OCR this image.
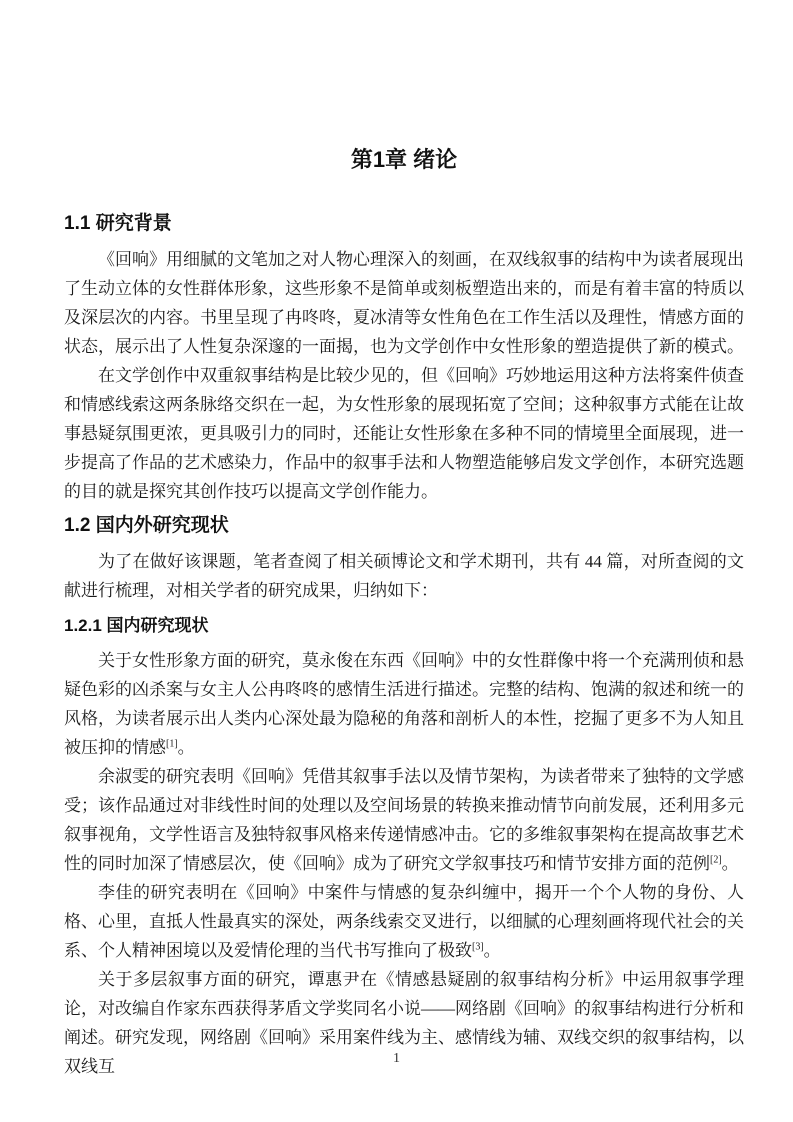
第1章 绪论
1.1 研究背景

《回响》用细腻的文笔加之对人物心理深入的刻画，在双线叙事的结构中为读者展现出了生动立体的女性群体形象，这些形象不是简单或刻板塑造出来的，而是有着丰富的特质以及深层次的内容。书里呈现了冉咚咚，夏冰清等女性角色在工作生活以及理性，情感方面的状态，展示出了人性复杂深邃的一面揭，也为文学创作中女性形象的塑造提供了新的模式。

在文学创作中双重叙事结构是比较少见的，但《回响》巧妙地运用这种方法将案件侦查和情感线索这两条脉络交织在一起，为女性形象的展现拓宽了空间；这种叙事方式能在让故事悬疑氛围更浓，更具吸引力的同时，还能让女性形象在多种不同的情境里全面展现，进一步提高了作品的艺术感染力，作品中的叙事手法和人物塑造能够启发文学创作，本研究选题的目的就是探究其创作技巧以提高文学创作能力。

1.2 国内外研究现状

为了在做好该课题，笔者查阅了相关硕博论文和学术期刊，共有 44 篇，对所查阅的文献进行梳理，对相关学者的研究成果，归纳如下：

1.2.1 国内研究现状

关于女性形象方面的研究，莫永俊在东西《回响》中的女性群像中将一个充满刑侦和悬疑色彩的凶杀案与女主人公冉咚咚的感情生活进行描述。完整的结构、饱满的叙述和统一的风格，为读者展示出人类内心深处最为隐秘的角落和剖析人的本性，挖掘了更多不为人知且被压抑的情感[1]。

余淑雯的研究表明《回响》凭借其叙事手法以及情节架构，为读者带来了独特的文学感受；该作品通过对非线性时间的处理以及空间场景的转换来推动情节向前发展，还利用多元叙事视角，文学性语言及独特叙事风格来传递情感冲击。它的多维叙事架构在提高故事艺术性的同时加深了情感层次，使《回响》成为了研究文学叙事技巧和情节安排方面的范例[2]。

李佳的研究表明在《回响》中案件与情感的复杂纠缠中，揭开一个个人物的身份、人格、心里，直抵人性最真实的深处，两条线索交叉进行，以细腻的心理刻画将现代社会的关系、个人精神困境以及爱情伦理的当代书写推向了极致[3]。

关于多层叙事方面的研究，谭惠尹在《情感悬疑剧的叙事结构分析》中运用叙事学理论，对改编自作家东西获得茅盾文学奖同名小说——网络剧《回响》的叙事结构进行分析和阐述。研究发现，网络剧《回响》采用案件线为主、感情线为辅、双线交织的叙事结构，以双线互	1
